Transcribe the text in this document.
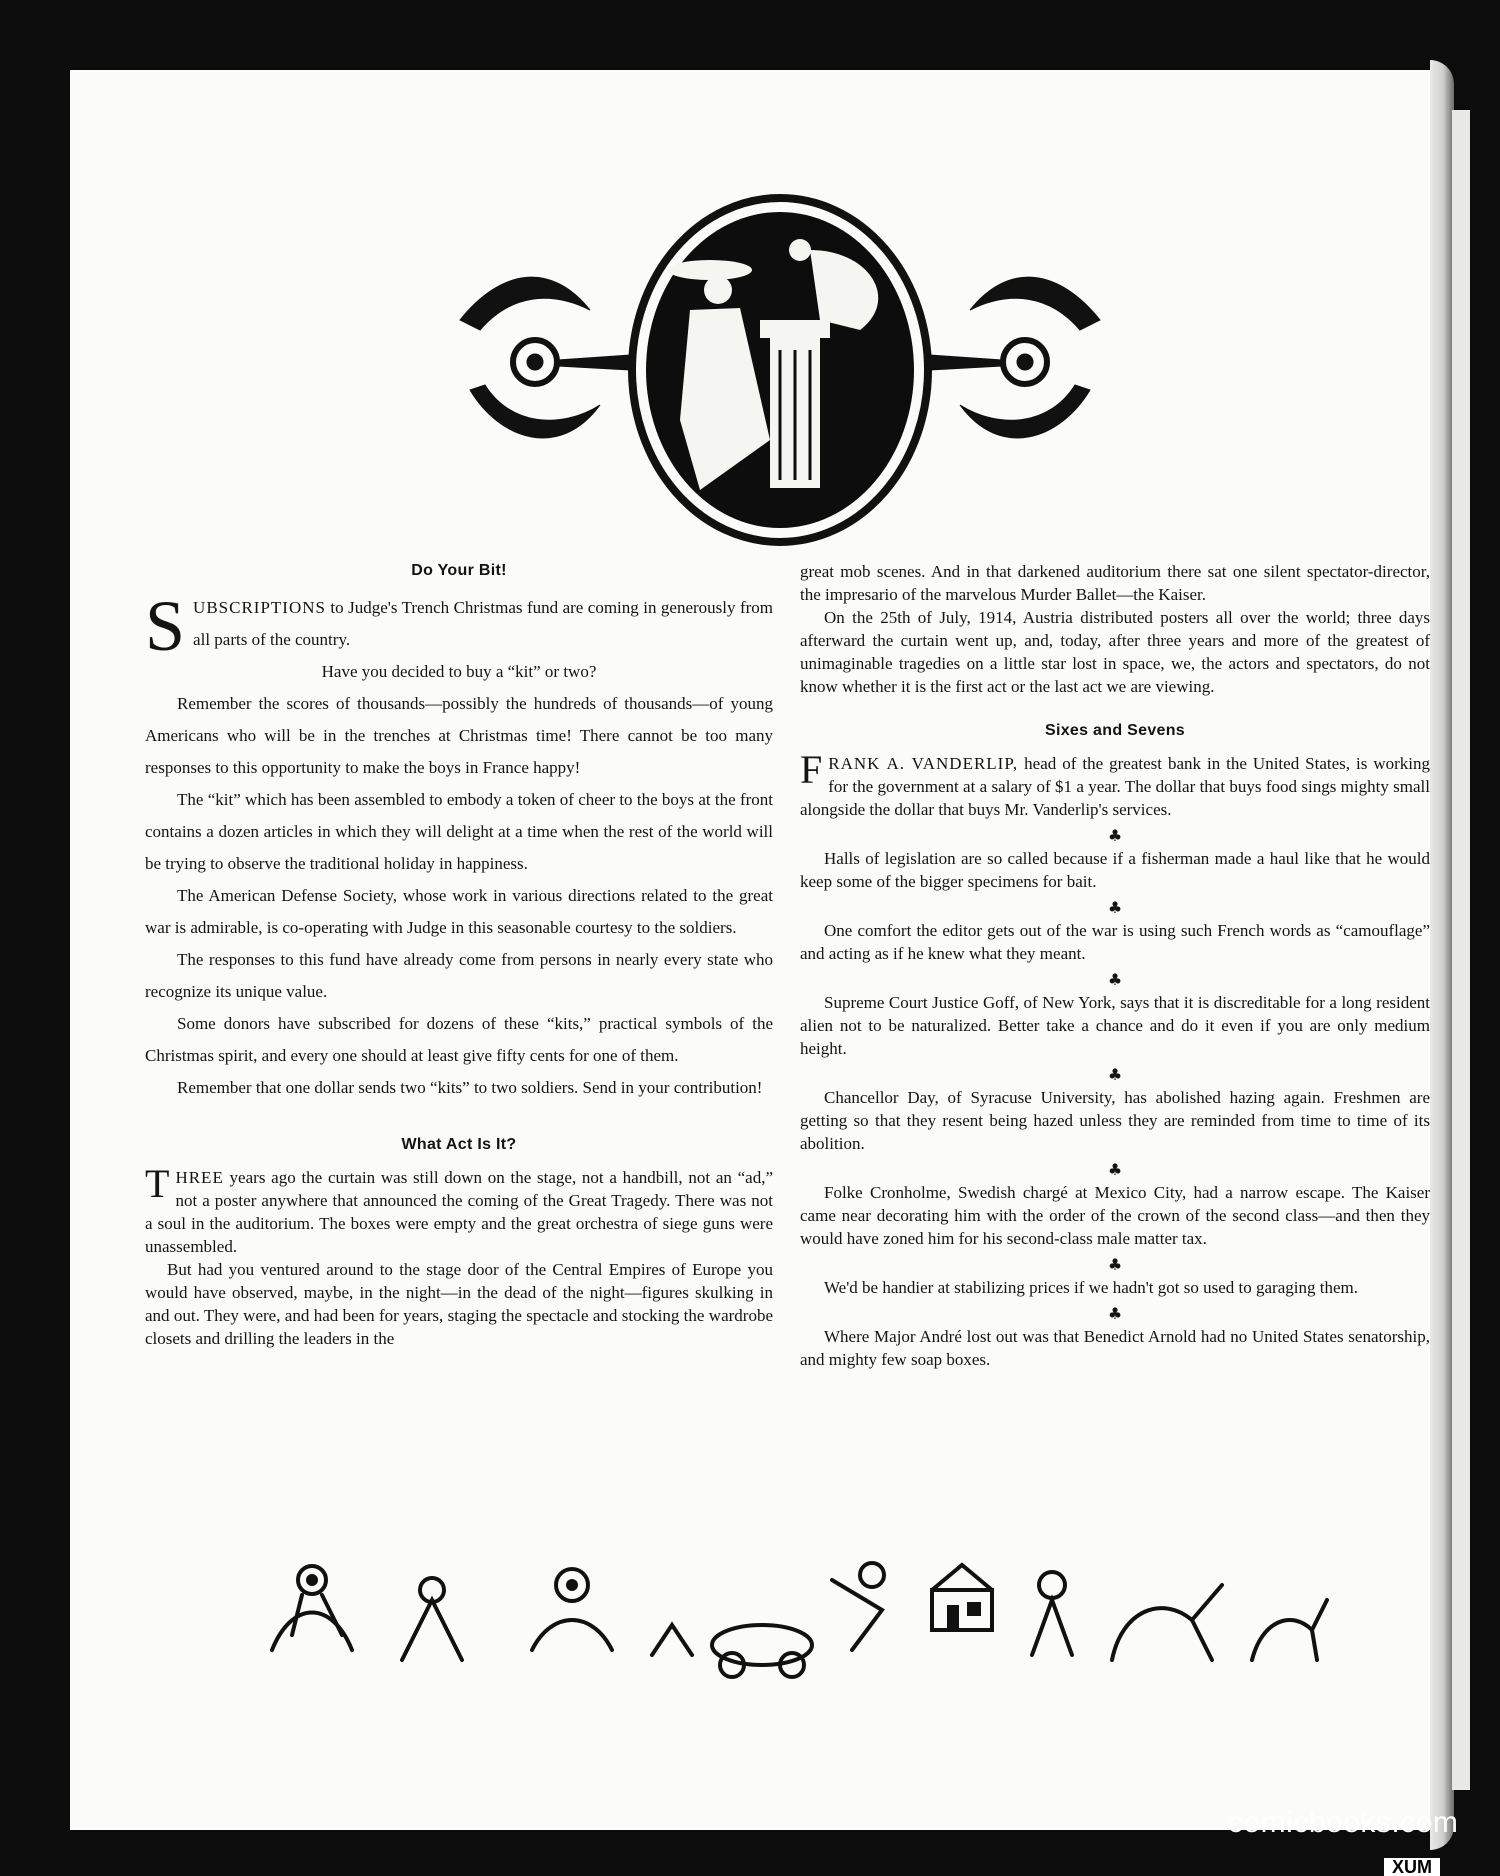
Do Your Bit!

SUBSCRIPTIONS to Judge's Trench Christmas fund are coming in generously from all parts of the country.

Have you decided to buy a “kit” or two?

Remember the scores of thousands—possibly the hundreds of thousands—of young Americans who will be in the trenches at Christmas time! There cannot be too many responses to this opportunity to make the boys in France happy!

The “kit” which has been assembled to embody a token of cheer to the boys at the front contains a dozen articles in which they will delight at a time when the rest of the world will be trying to observe the traditional holiday in happiness.

The American Defense Society, whose work in various directions related to the great war is admirable, is co-operating with Judge in this seasonable courtesy to the soldiers.

The responses to this fund have already come from persons in nearly every state who recognize its unique value.

Some donors have subscribed for dozens of these “kits,” practical symbols of the Christmas spirit, and every one should at least give fifty cents for one of them.

Remember that one dollar sends two “kits” to two soldiers. Send in your contribution!

What Act Is It?

THREE years ago the curtain was still down on the stage, not a handbill, not an “ad,” not a poster anywhere that announced the coming of the Great Tragedy. There was not a soul in the auditorium. The boxes were empty and the great orchestra of siege guns were unassembled.

But had you ventured around to the stage door of the Central Empires of Europe you would have observed, maybe, in the night—in the dead of the night—figures skulking in and out. They were, and had been for years, staging the spectacle and stocking the wardrobe closets and drilling the leaders in the

great mob scenes. And in that darkened auditorium there sat one silent spectator-director, the impresario of the marvelous Murder Ballet—the Kaiser.

On the 25th of July, 1914, Austria distributed posters all over the world; three days afterward the curtain went up, and, today, after three years and more of the greatest of unimaginable tragedies on a little star lost in space, we, the actors and spectators, do not know whether it is the first act or the last act we are viewing.

Sixes and Sevens

FRANK A. VANDERLIP, head of the greatest bank in the United States, is working for the government at a salary of $1 a year. The dollar that buys food sings mighty small alongside the dollar that buys Mr. Vanderlip's services.

♣

Halls of legislation are so called because if a fisherman made a haul like that he would keep some of the bigger specimens for bait.

♣

One comfort the editor gets out of the war is using such French words as “camouflage” and acting as if he knew what they meant.

♣

Supreme Court Justice Goff, of New York, says that it is discreditable for a long resident alien not to be naturalized. Better take a chance and do it even if you are only medium height.

♣

Chancellor Day, of Syracuse University, has abolished hazing again. Freshmen are getting so that they resent being hazed unless they are reminded from time to time of its abolition.

♣

Folke Cronholme, Swedish chargé at Mexico City, had a narrow escape. The Kaiser came near decorating him with the order of the crown of the second class—and then they would have zoned him for his second-class male matter tax.

♣

We'd be handier at stabilizing prices if we hadn't got so used to garaging them.

♣

Where Major André lost out was that Benedict Arnold had no United States senatorship, and mighty few soap boxes.

comicbooks.com
XUM
